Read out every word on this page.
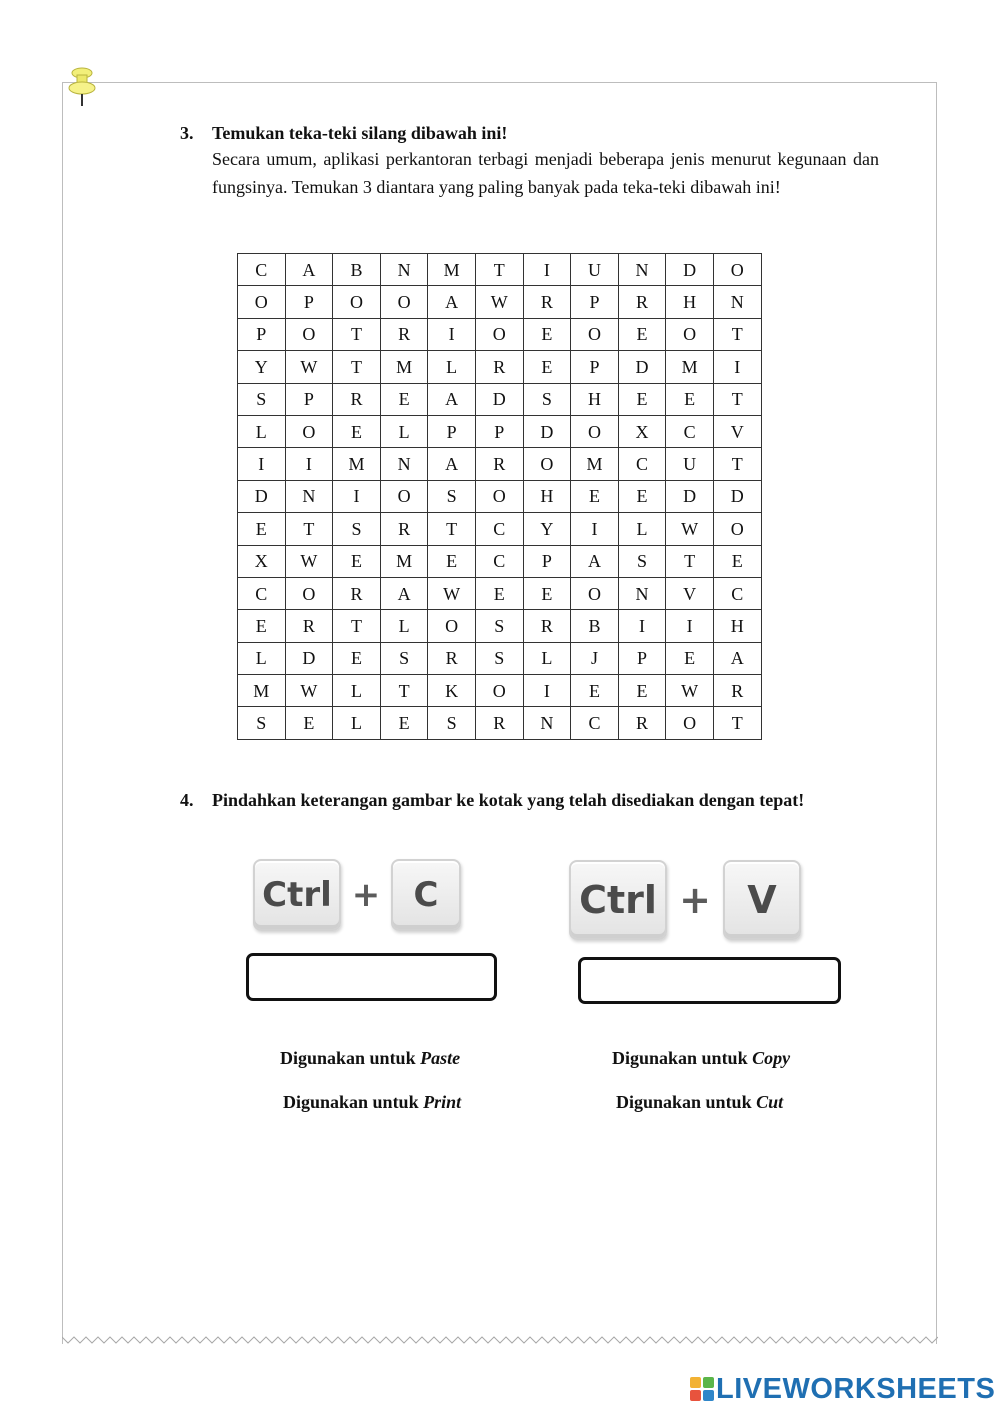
3. Temukan teka-teki silang dibawah ini!
Secara umum, aplikasi perkantoran terbagi menjadi beberapa jenis menurut kegunaan dan fungsinya. Temukan 3 diantara yang paling banyak pada teka-teki dibawah ini!
C	A	B	N	M	T	I	U	N	D	O
O	P	O	O	A	W	R	P	R	H	N
P	O	T	R	I	O	E	O	E	O	T
Y	W	T	M	L	R	E	P	D	M	I
S	P	R	E	A	D	S	H	E	E	T
L	O	E	L	P	P	D	O	X	C	V
I	I	M	N	A	R	O	M	C	U	T
D	N	I	O	S	O	H	E	E	D	D
E	T	S	R	T	C	Y	I	L	W	O
X	W	E	M	E	C	P	A	S	T	E
C	O	R	A	W	E	E	O	N	V	C
E	R	T	L	O	S	R	B	I	I	H
L	D	E	S	R	S	L	J	P	E	A
M	W	L	T	K	O	I	E	E	W	R
S	E	L	E	S	R	N	C	R	O	T
4. Pindahkan keterangan gambar ke kotak yang telah disediakan dengan tepat!
Ctrl + C	Ctrl + V
Digunakan untuk Paste	Digunakan untuk Copy
Digunakan untuk Print	Digunakan untuk Cut
LIVEWORKSHEETS
